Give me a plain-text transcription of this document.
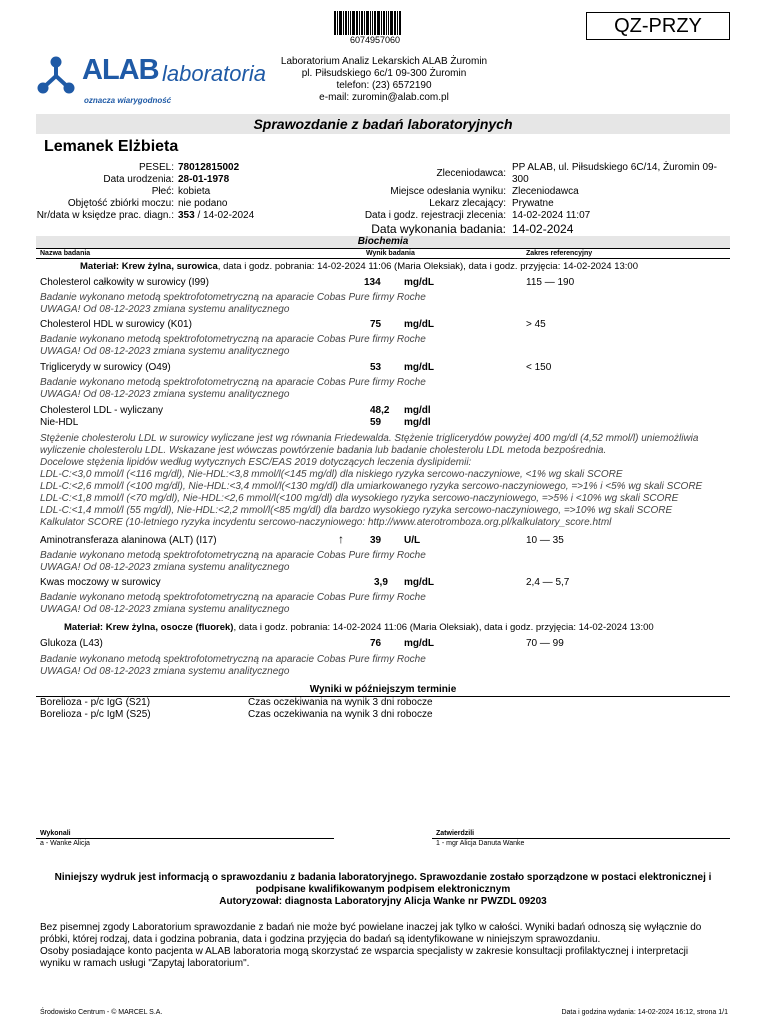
6074957060
QZ-PRZY
ALAB laboratoria
oznacza wiarygodność
Laboratorium Analiz Lekarskich ALAB Żuromin
pl. Piłsudskiego 6c/1 09-300 Żuromin
telefon: (23) 6572190
e-mail: zuromin@alab.com.pl
Sprawozdanie z badań laboratoryjnych
Lemanek Elżbieta
PESEL: 78012815002
Data urodzenia: 28-01-1978
Płeć: kobieta
Objętość zbiórki moczu: nie podano
Nr/data w księdze prac. diagn.: 353
/ 14-02-2024
Zleceniodawca:
PP ALAB, ul. Piłsudskiego 6C/14, Żuromin 09-300
Miejsce odesłania wyniku: Zleceniodawca
Lekarz zlecający: Prywatne
Data i godz. rejestracji zlecenia: 14-02-2024 11:07
Data wykonania badania: 14-02-2024
Biochemia
Nazwa badania	Wynik badania	Zakres referencyjny
Materiał: Krew żylna, surowica, data i godz. pobrania: 14-02-2024 11:06 (Maria Oleksiak), data i godz. przyjęcia: 14-02-2024 13:00
Cholesterol całkowity w surowicy (I99)	134 mg/dL	115 — 190
Badanie wykonano metodą spektrofotometryczną na aparacie Cobas Pure firmy Roche
UWAGA! Od 08-12-2023 zmiana systemu analitycznego
Cholesterol HDL w surowicy (K01)	75 mg/dL	> 45
Badanie wykonano metodą spektrofotometryczną na aparacie Cobas Pure firmy Roche
UWAGA! Od 08-12-2023 zmiana systemu analitycznego
Triglicerydy w surowicy (O49)	53 mg/dL	< 150
Badanie wykonano metodą spektrofotometryczną na aparacie Cobas Pure firmy Roche
UWAGA! Od 08-12-2023 zmiana systemu analitycznego
Cholesterol LDL - wyliczany	48,2 mg/dl
Nie-HDL	59 mg/dl
Stężenie cholesterolu LDL w surowicy wyliczane jest wg równania Friedewalda. Stężenie triglicerydów powyżej 400 mg/dl (4,52 mmol/l) uniemożliwia
wyliczenie cholesterolu LDL. Wskazane jest wówczas powtórzenie badania lub badanie cholesterolu LDL metoda bezpośrednia.
Docelowe stężenia lipidów według wytycznych ESC/EAS 2019 dotyczących leczenia dyslipidemii:
LDL-C:<3,0 mmol/l (<116 mg/dl), Nie-HDL:<3,8 mmol/l(<145 mg/dl) dla niskiego ryzyka sercowo-naczyniowe, <1% wg skali SCORE
LDL-C:<2,6 mmol/l (<100 mg/dl), Nie-HDL:<3,4 mmol/l(<130 mg/dl) dla umiarkowanego ryzyka sercowo-naczyniowego, =>1% i <5% wg skali SCORE
LDL-C:<1,8 mmol/l (<70 mg/dl), Nie-HDL:<2,6 mmol/l(<100 mg/dl) dla wysokiego ryzyka sercowo-naczyniowego, =>5% i <10% wg skali SCORE
LDL-C:<1,4 mmol/l (55 mg/dl), Nie-HDL:<2,2 mmol/l(<85 mg/dl) dla bardzo wysokiego ryzyka sercowo-naczyniowego, =>10% wg skali SCORE
Kalkulator SCORE (10-letniego ryzyka incydentu sercowo-naczyniowego: http://www.aterotromboza.org.pl/kalkulatory_score.html
Aminotransferaza alaninowa (ALT) (I17)	↑	39 U/L	10 — 35
Badanie wykonano metodą spektrofotometryczną na aparacie Cobas Pure firmy Roche
UWAGA! Od 08-12-2023 zmiana systemu analitycznego
Kwas moczowy w surowicy	3,9 mg/dL	2,4 — 5,7
Badanie wykonano metodą spektrofotometryczną na aparacie Cobas Pure firmy Roche
UWAGA! Od 08-12-2023 zmiana systemu analitycznego
Materiał: Krew żylna, osocze (fluorek), data i godz. pobrania: 14-02-2024 11:06 (Maria Oleksiak), data i godz. przyjęcia: 14-02-2024 13:00
Glukoza (L43)	76 mg/dL	70 — 99
Badanie wykonano metodą spektrofotometryczną na aparacie Cobas Pure firmy Roche
UWAGA! Od 08-12-2023 zmiana systemu analitycznego
Wyniki w późniejszym terminie
Borelioza - p/c IgG (S21)	Czas oczekiwania na wynik 3 dni robocze
Borelioza - p/c IgM (S25)	Czas oczekiwania na wynik 3 dni robocze
Wykonali
a - Wanke Alicja
Zatwierdzili
1 - mgr Alicja Danuta Wanke
Niniejszy wydruk jest informacją o sprawozdaniu z badania laboratoryjnego. Sprawozdanie zostało sporządzone w postaci elektronicznej i
podpisane kwalifikowanym podpisem elektronicznym
Autoryzował: diagnosta Laboratoryjny Alicja Wanke nr PWZDL 09203
Bez pisemnej zgody Laboratorium sprawozdanie z badań nie może być powielane inaczej jak tylko w całości. Wyniki badań odnoszą się wyłącznie do
próbki, której rodzaj, data i godzina pobrania, data i godzina przyjęcia do badań są identyfikowane w niniejszym sprawozdaniu.
Osoby posiadające konto pacjenta w ALAB laboratoria mogą skorzystać ze wsparcia specjalisty w zakresie konsultacji profilaktycznej i interpretacji
wyniku w ramach usługi "Zapytaj laboratorium".
Środowisko Centrum - © MARCEL S.A.	Data i godzina wydania: 14-02-2024 16:12, strona 1/1
